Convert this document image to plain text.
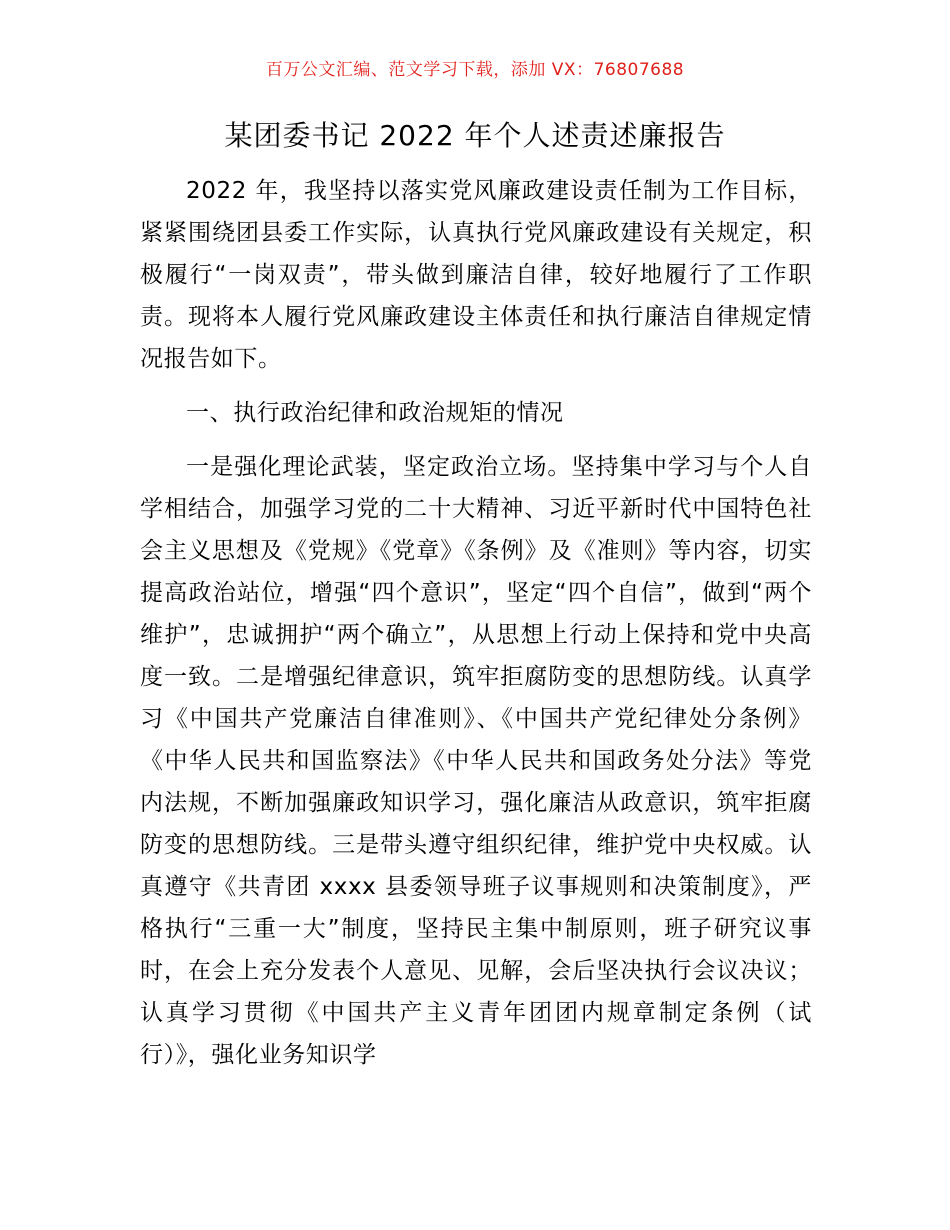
百万公文汇编、范文学习下载，添加 VX：76807688
某团委书记 2022 年个人述责述廉报告

2022 年，我坚持以落实党风廉政建设责任制为工作目标，紧紧围绕团县委工作实际，认真执行党风廉政建设有关规定，积极履行“一岗双责”，带头做到廉洁自律，较好地履行了工作职责。现将本人履行党风廉政建设主体责任和执行廉洁自律规定情况报告如下。

一、执行政治纪律和政治规矩的情况

一是强化理论武装，坚定政治立场。坚持集中学习与个人自学相结合，加强学习党的二十大精神、习近平新时代中国特色社会主义思想及《党规》《党章》《条例》及《准则》等内容，切实提高政治站位，增强“四个意识”，坚定“四个自信”，做到“两个维护”，忠诚拥护“两个确立”，从思想上行动上保持和党中央高度一致。二是增强纪律意识，筑牢拒腐防变的思想防线。认真学习《中国共产党廉洁自律准则》、《中国共产党纪律处分条例》《中华人民共和国监察法》《中华人民共和国政务处分法》等党内法规，不断加强廉政知识学习，强化廉洁从政意识，筑牢拒腐防变的思想防线。三是带头遵守组织纪律，维护党中央权威。认真遵守《共青团 xxxx 县委领导班子议事规则和决策制度》，严格执行“三重一大”制度，坚持民主集中制原则，班子研究议事时，在会上充分发表个人意见、见解，会后坚决执行会议决议；认真学习贯彻《中国共产主义青年团团内规章制定条例（试行）》，强化业务知识学
